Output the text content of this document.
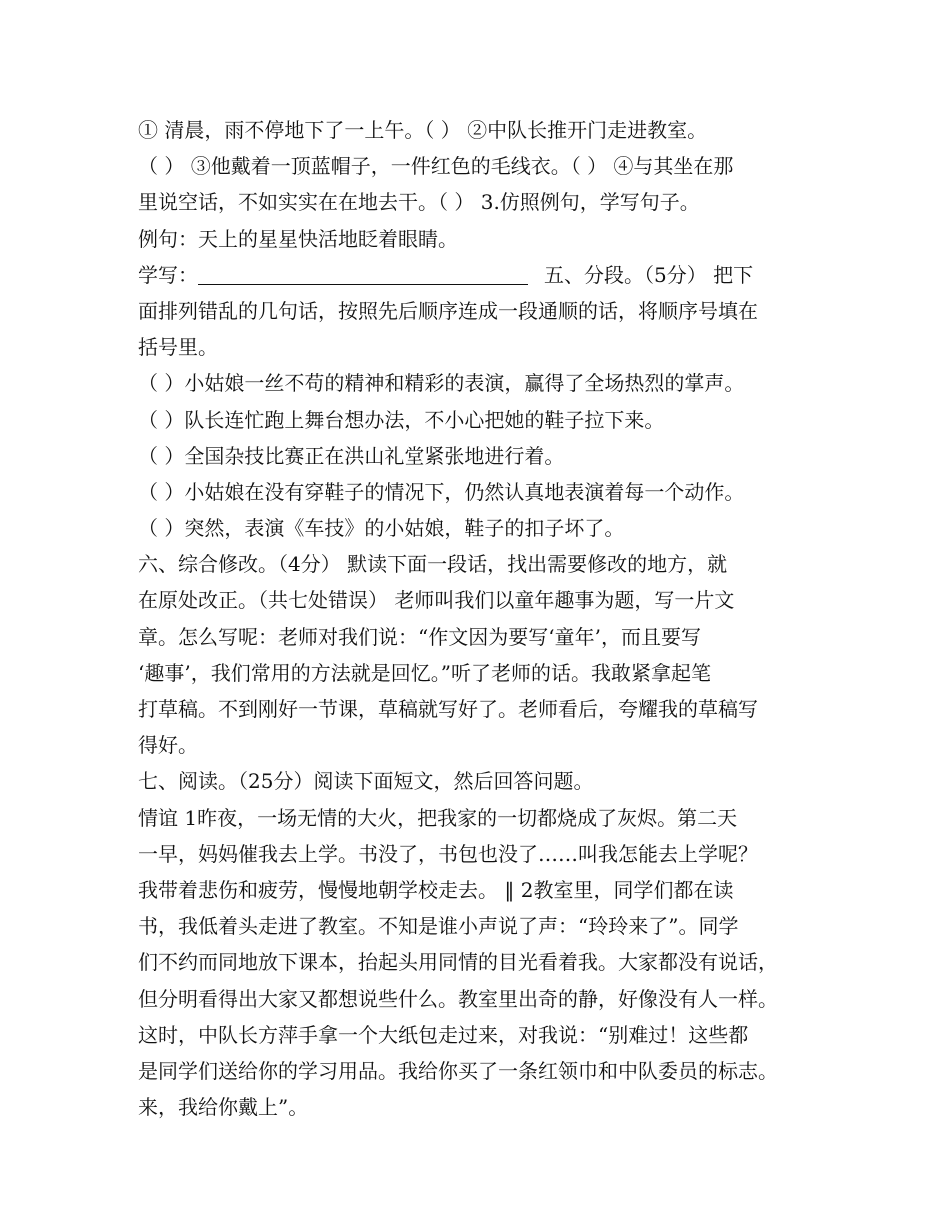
① 清晨，雨不停地下了一上午。（ ） ②中队长推开门走进教室。
（ ） ③他戴着一顶蓝帽子，一件红色的毛线衣。（ ） ④与其坐在那
里说空话，不如实实在在地去干。（ ） 3.仿照例句，学写句子。
例句：天上的星星快活地眨着眼睛。
学写：	五、分段。（5分） 把下
面排列错乱的几句话，按照先后顺序连成一段通顺的话，将顺序号填在
括号里。
（ ）小姑娘一丝不苟的精神和精彩的表演，赢得了全场热烈的掌声。
（ ）队长连忙跑上舞台想办法，不小心把她的鞋子拉下来。
（ ）全国杂技比赛正在洪山礼堂紧张地进行着。
（ ）小姑娘在没有穿鞋子的情况下，仍然认真地表演着每一个动作。
（ ）突然，表演《车技》的小姑娘，鞋子的扣子坏了。
六、综合修改。（4分） 默读下面一段话，找出需要修改的地方，就
在原处改正。（共七处错误） 老师叫我们以童年趣事为题，写一片文
章。怎么写呢：老师对我们说：“作文因为要写‘童年’，而且要写
‘趣事’，我们常用的方法就是回忆。”听了老师的话。我敢紧拿起笔
打草稿。不到刚好一节课，草稿就写好了。老师看后，夸耀我的草稿写
得好。
七、阅读。（25分）阅读下面短文，然后回答问题。
情谊 1昨夜，一场无情的大火，把我家的一切都烧成了灰烬。第二天
一早，妈妈催我去上学。书没了，书包也没了……叫我怎能去上学呢？
我带着悲伤和疲劳，慢慢地朝学校走去。 ‖ 2教室里，同学们都在读
书，我低着头走进了教室。不知是谁小声说了声：“玲玲来了”。同学
们不约而同地放下课本，抬起头用同情的目光看着我。大家都没有说话，
但分明看得出大家又都想说些什么。教室里出奇的静，好像没有人一样。
这时，中队长方萍手拿一个大纸包走过来，对我说：“别难过！这些都
是同学们送给你的学习用品。我给你买了一条红领巾和中队委员的标志。
来，我给你戴上”。
